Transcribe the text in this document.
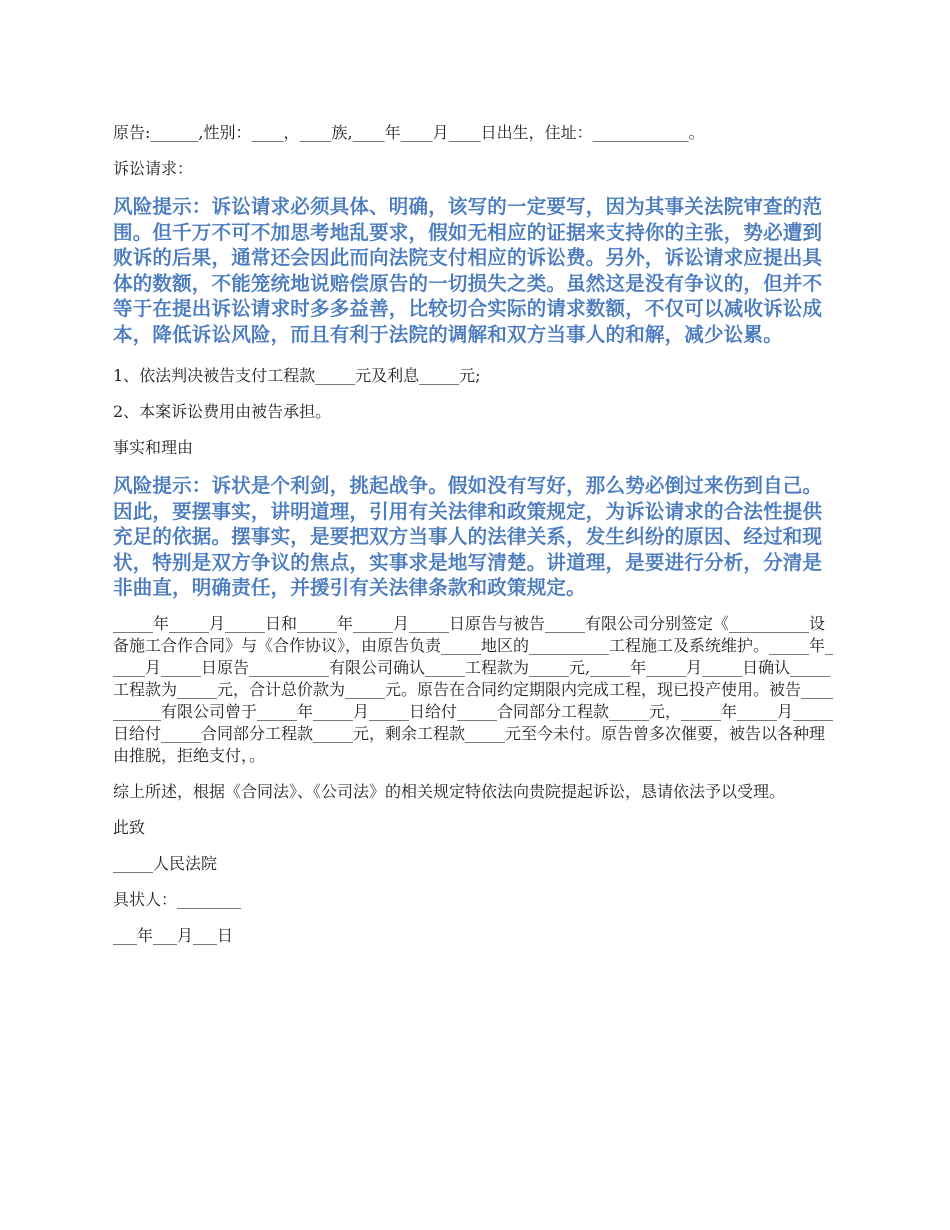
原告:______,性别：____，____族,____年____月____日出生，住址：____________。

诉讼请求：

风险提示：诉讼请求必须具体、明确，该写的一定要写，因为其事关法院审查的范围。但千万不可不加思考地乱要求，假如无相应的证据来支持你的主张，势必遭到败诉的后果，通常还会因此而向法院支付相应的诉讼费。另外，诉讼请求应提出具体的数额，不能笼统地说赔偿原告的一切损失之类。虽然这是没有争议的，但并不等于在提出诉讼请求时多多益善，比较切合实际的请求数额，不仅可以减收诉讼成本，降低诉讼风险，而且有利于法院的调解和双方当事人的和解，减少讼累。

1、依法判决被告支付工程款_____元及利息_____元;

2、本案诉讼费用由被告承担。

事实和理由

风险提示：诉状是个利剑，挑起战争。假如没有写好，那么势必倒过来伤到自己。因此，要摆事实，讲明道理，引用有关法律和政策规定，为诉讼请求的合法性提供充足的依据。摆事实，是要把双方当事人的法律关系，发生纠纷的原因、经过和现状，特别是双方争议的焦点，实事求是地写清楚。讲道理，是要进行分析，分清是非曲直，明确责任，并援引有关法律条款和政策规定。

_____年_____月_____日和_____年_____月_____日原告与被告_____有限公司分别签定《__________设备施工合作合同》与《合作协议》，由原告负责_____地区的__________工程施工及系统维护。_____年_____月_____日原告__________有限公司确认_____工程款为_____元,_____年_____月_____日确认_____工程款为_____元，合计总价款为_____元。原告在合同约定期限内完成工程，现已投产使用。被告__________有限公司曾于_____年_____月_____日给付_____合同部分工程款_____元，_____年_____月_____日给付_____合同部分工程款_____元，剩余工程款_____元至今未付。原告曾多次催要，被告以各种理由推脱，拒绝支付，。

综上所述，根据《合同法》、《公司法》的相关规定特依法向贵院提起诉讼，恳请依法予以受理。

此致

_____人民法院

具状人：________

___年___月___日
